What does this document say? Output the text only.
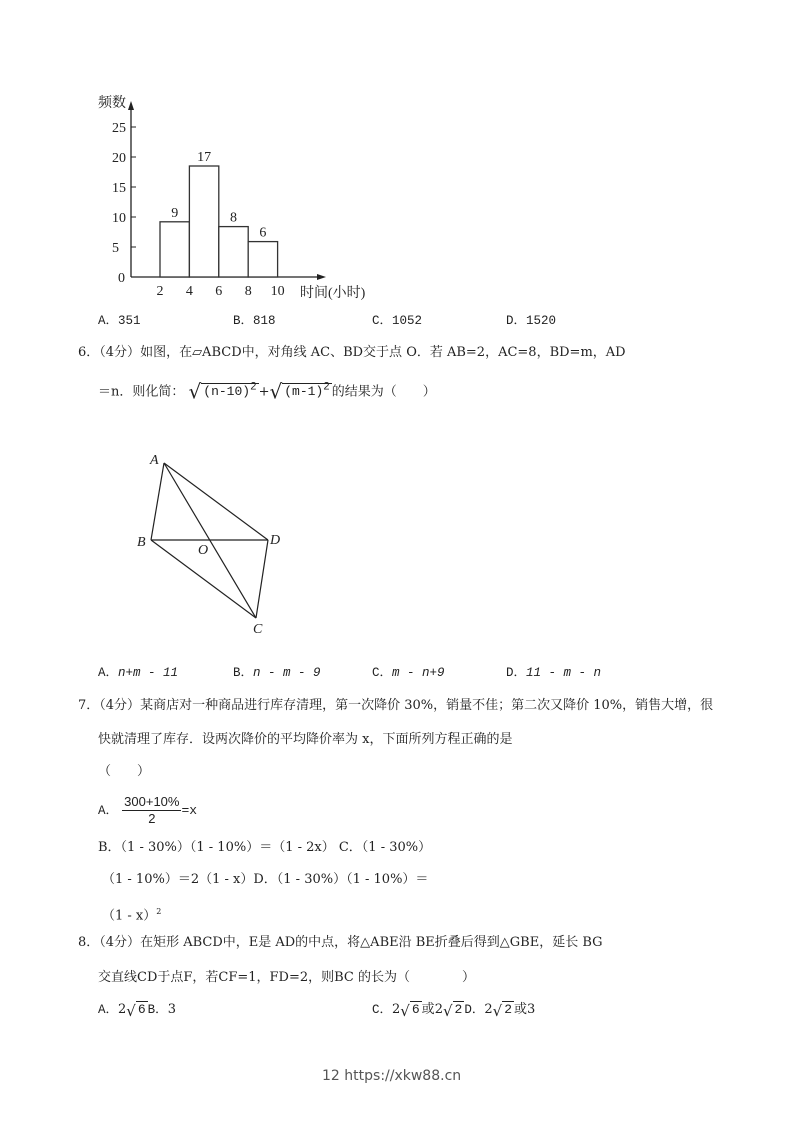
0
5
10
15
20
25
2 4 6 8 10
9
17
8
6
频数
时间(小时)
A．351	B．818	C．1052	D．1520
6．（4分）如图，在▱ABCD中，对角线 AC、BD交于点 O．若 AB=2，AC=8，BD=m，AD
＝n．则化简： √ $(n-10)^2$ +√ $(m-1)^2$ 的结果为（　　）
A
B	D
C
O
A．n+m - 11	B．n - m - 9	C．m - n+9	D．11 - m - n
7．（4分）某商店对一种商品进行库存清理，第一次降价 30%，销量不佳；第二次又降价 10%，销售大增，很
快就清理了库存．设两次降价的平均降价率为 x，下面所列方程正确的是
（　　）
A． $\frac{300+10\%}{2} =x$
B．（1 - 30%）（1 - 10%）＝（1 - 2x） C．（1 - 30%）
（1 - 10%）＝2（1 - x）D．（1 - 30%）（1 - 10%）＝
（1 - x）$^2$
8．（4分）在矩形 ABCD中，E是 AD的中点，将△ABE沿 BE折叠后得到△GBE，延长 BG
交直线CD于点F，若CF=1，FD=2，则BC 的长为（　　　　）
A．2√ 6 B．3	C．2√ 6 或2√ 2 D．2√ 2 或3
12 https://xkw88.cn
